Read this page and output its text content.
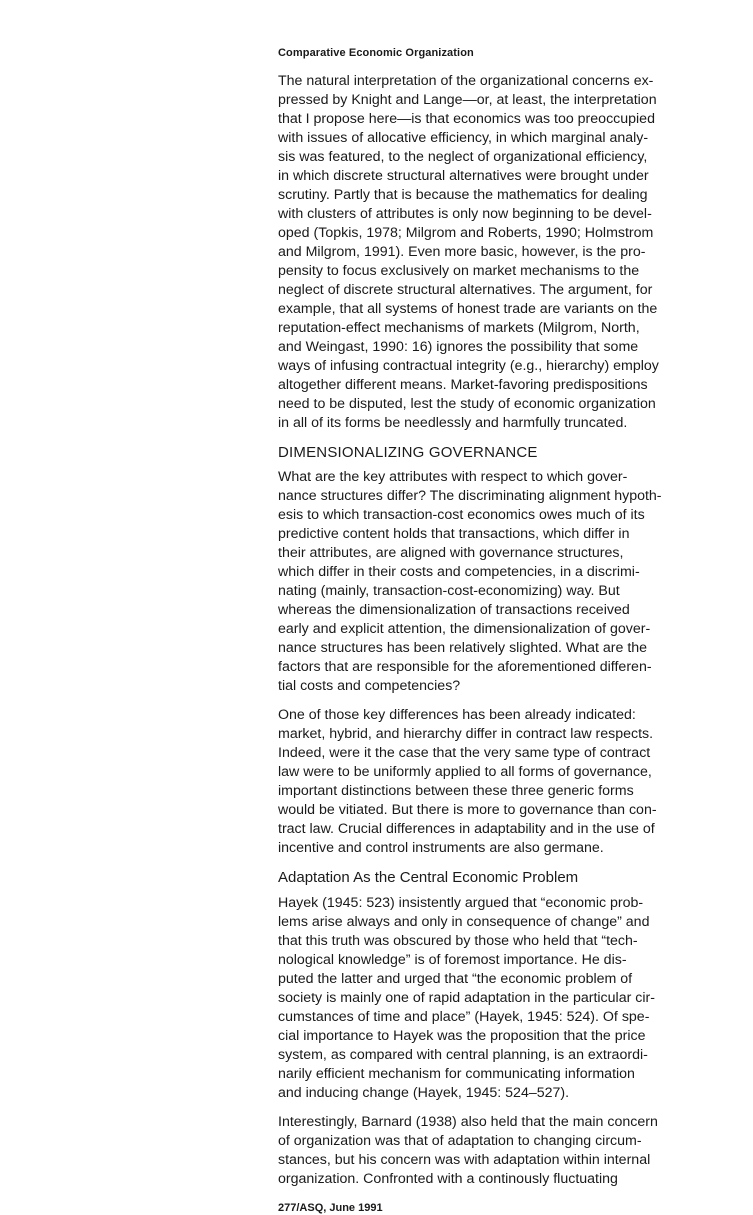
Comparative Economic Organization
The natural interpretation of the organizational concerns ex-
pressed by Knight and Lange—or, at least, the interpretation
that I propose here—is that economics was too preoccupied
with issues of allocative efficiency, in which marginal analy-
sis was featured, to the neglect of organizational efficiency,
in which discrete structural alternatives were brought under
scrutiny. Partly that is because the mathematics for dealing
with clusters of attributes is only now beginning to be devel-
oped (Topkis, 1978; Milgrom and Roberts, 1990; Holmstrom
and Milgrom, 1991). Even more basic, however, is the pro-
pensity to focus exclusively on market mechanisms to the
neglect of discrete structural alternatives. The argument, for
example, that all systems of honest trade are variants on the
reputation-effect mechanisms of markets (Milgrom, North,
and Weingast, 1990: 16) ignores the possibility that some
ways of infusing contractual integrity (e.g., hierarchy) employ
altogether different means. Market-favoring predispositions
need to be disputed, lest the study of economic organization
in all of its forms be needlessly and harmfully truncated.
DIMENSIONALIZING GOVERNANCE
What are the key attributes with respect to which gover-
nance structures differ? The discriminating alignment hypoth-
esis to which transaction-cost economics owes much of its
predictive content holds that transactions, which differ in
their attributes, are aligned with governance structures,
which differ in their costs and competencies, in a discrimi-
nating (mainly, transaction-cost-economizing) way. But
whereas the dimensionalization of transactions received
early and explicit attention, the dimensionalization of gover-
nance structures has been relatively slighted. What are the
factors that are responsible for the aforementioned differen-
tial costs and competencies?
One of those key differences has been already indicated:
market, hybrid, and hierarchy differ in contract law respects.
Indeed, were it the case that the very same type of contract
law were to be uniformly applied to all forms of governance,
important distinctions between these three generic forms
would be vitiated. But there is more to governance than con-
tract law. Crucial differences in adaptability and in the use of
incentive and control instruments are also germane.
Adaptation As the Central Economic Problem
Hayek (1945: 523) insistently argued that “economic prob-
lems arise always and only in consequence of change” and
that this truth was obscured by those who held that “tech-
nological knowledge” is of foremost importance. He dis-
puted the latter and urged that “the economic problem of
society is mainly one of rapid adaptation in the particular cir-
cumstances of time and place” (Hayek, 1945: 524). Of spe-
cial importance to Hayek was the proposition that the price
system, as compared with central planning, is an extraordi-
narily efficient mechanism for communicating information
and inducing change (Hayek, 1945: 524–527).
Interestingly, Barnard (1938) also held that the main concern
of organization was that of adaptation to changing circum-
stances, but his concern was with adaptation within internal
organization. Confronted with a continously fluctuating
277/ASQ, June 1991
